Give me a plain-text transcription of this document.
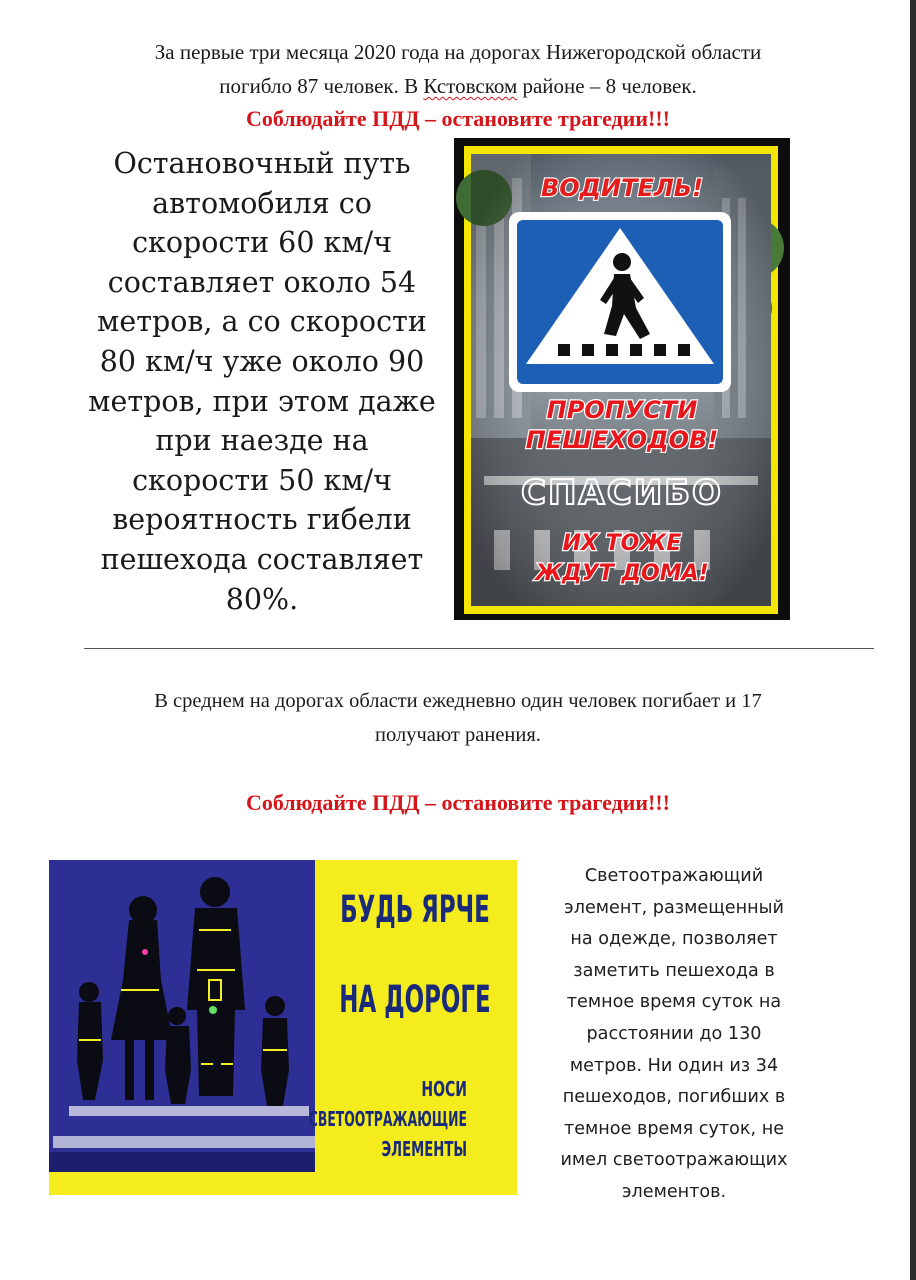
За первые три месяца 2020 года на дорогах Нижегородской области
погибло 87 человек. В Кстовском районе – 8 человек.
Соблюдайте ПДД – остановите трагедии!!!
Остановочный путь
автомобиля со
скорости 60 км/ч
составляет около 54
метров, а со скорости
80 км/ч уже около 90
метров, при этом даже
при наезде на
скорости 50 км/ч
вероятность гибели
пешехода составляет
80%.
ВОДИТЕЛЬ!
ПРОПУСТИ
ПЕШЕХОДОВ!
СПАСИБО
ИХ ТОЖЕ
ЖДУТ ДОМА!
В среднем на дорогах области ежедневно один человек погибает и 17
получают ранения.
Соблюдайте ПДД – остановите трагедии!!!
БУДЬ ЯРЧЕ
НА ДОРОГЕ
НОСИ
СВЕТООТРАЖАЮЩИЕ
ЭЛЕМЕНТЫ
Светоотражающий
элемент, размещенный
на одежде, позволяет
заметить пешехода в
темное время суток на
расстоянии до 130
метров. Ни один из 34
пешеходов, погибших в
темное время суток, не
имел светоотражающих
элементов.
